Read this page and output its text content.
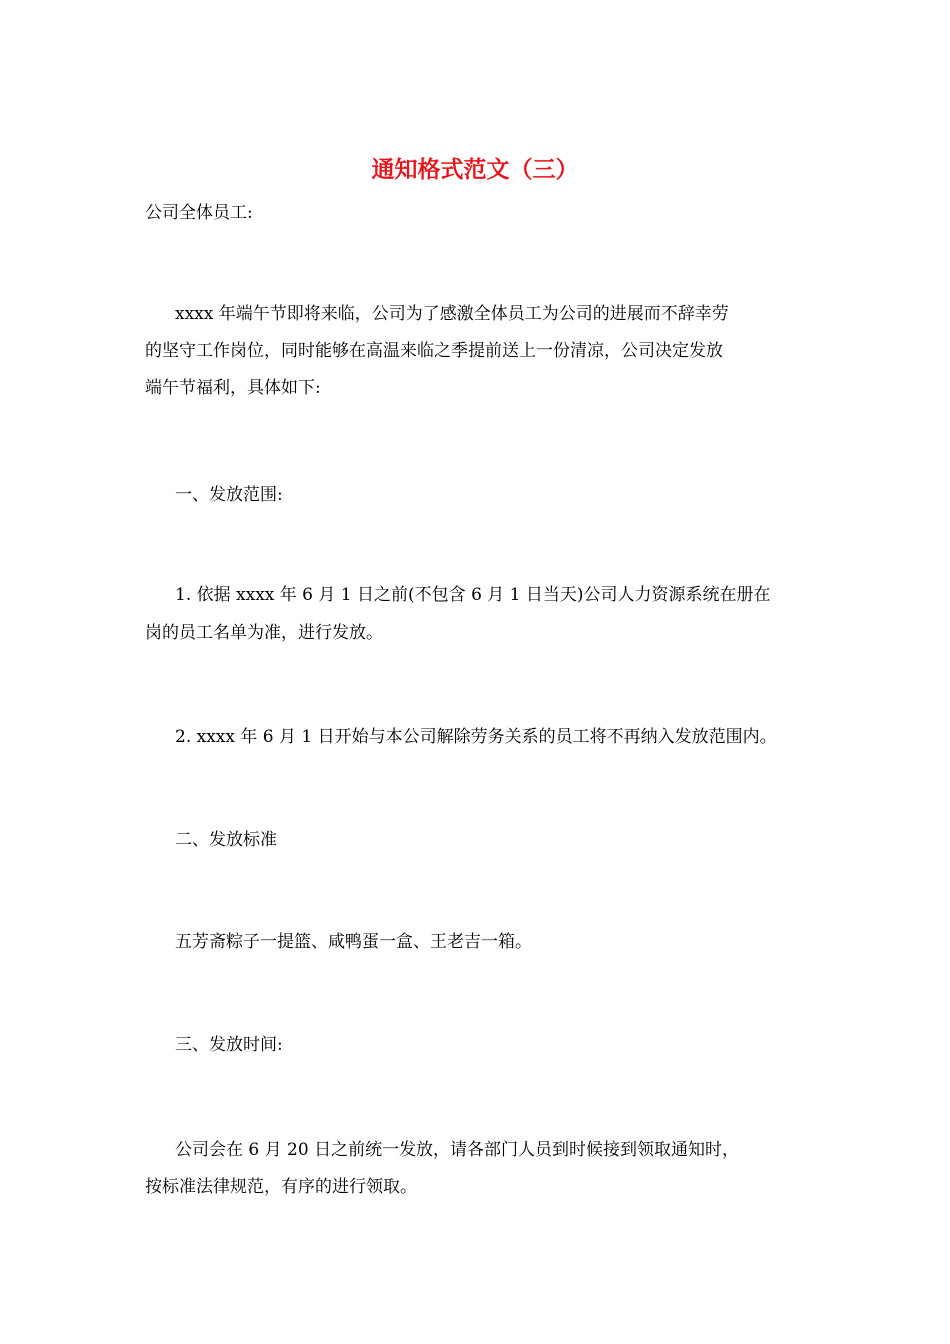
通知格式范文（三）

公司全体员工:

xxxx 年端午节即将来临，公司为了感激全体员工为公司的进展而不辞幸劳

的坚守工作岗位，同时能够在高温来临之季提前送上一份清凉，公司决定发放

端午节福利，具体如下:

一、发放范围:

1. 依据 xxxx 年 6 月 1 日之前(不包含 6 月 1 日当天)公司人力资源系统在册在

岗的员工名单为准，进行发放。

2. xxxx 年 6 月 1 日开始与本公司解除劳务关系的员工将不再纳入发放范围内。

二、发放标准

五芳斋粽子一提篮、咸鸭蛋一盒、王老吉一箱。

三、发放时间:

公司会在 6 月 20 日之前统一发放，请各部门人员到时候接到领取通知时，

按标准法律规范，有序的进行领取。
